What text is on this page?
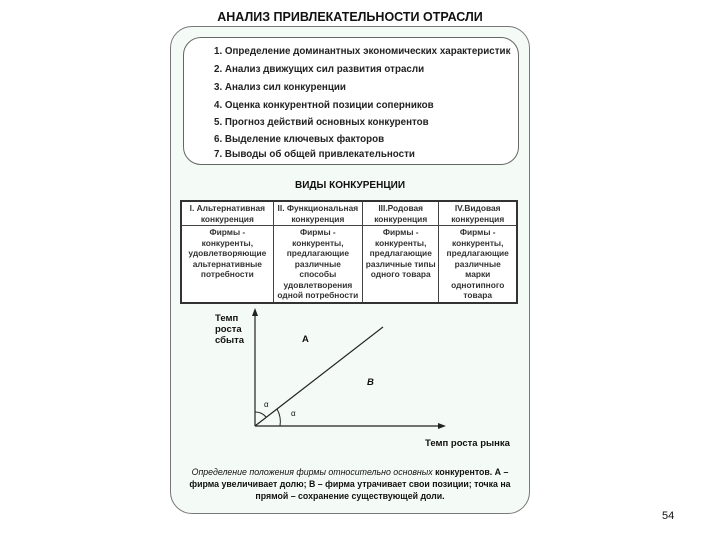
АНАЛИЗ ПРИВЛЕКАТЕЛЬНОСТИ ОТРАСЛИ
1. Определение доминантных экономических характеристик
2. Анализ движущих сил развития отрасли
3. Анализ сил конкуренции
4. Оценка конкурентной позиции соперников
5. Прогноз действий основных конкурентов
6. Выделение ключевых факторов
7. Выводы об общей привлекательности
ВИДЫ КОНКУРЕНЦИИ
I. Альтернативная конкуренция	II. Функциональная конкуренция	III.Родовая конкуренция	IV.Видовая конкуренция
Фирмы - конкуренты, удовлетворяющие альтернативные потребности	Фирмы - конкуренты, предлагающие различные способы удовлетворения одной потребности	Фирмы - конкуренты, предлагающие различные типы одного товара	Фирмы - конкуренты, предлагающие различные марки однотипного товара
Темп
роста
сбыта	A
B
α
α
Темп роста рынка
Определение положения фирмы относительно основных конкурентов. А – фирма увеличивает долю; В – фирма утрачивает свои позиции; точка на прямой – сохранение существующей доли.
54
